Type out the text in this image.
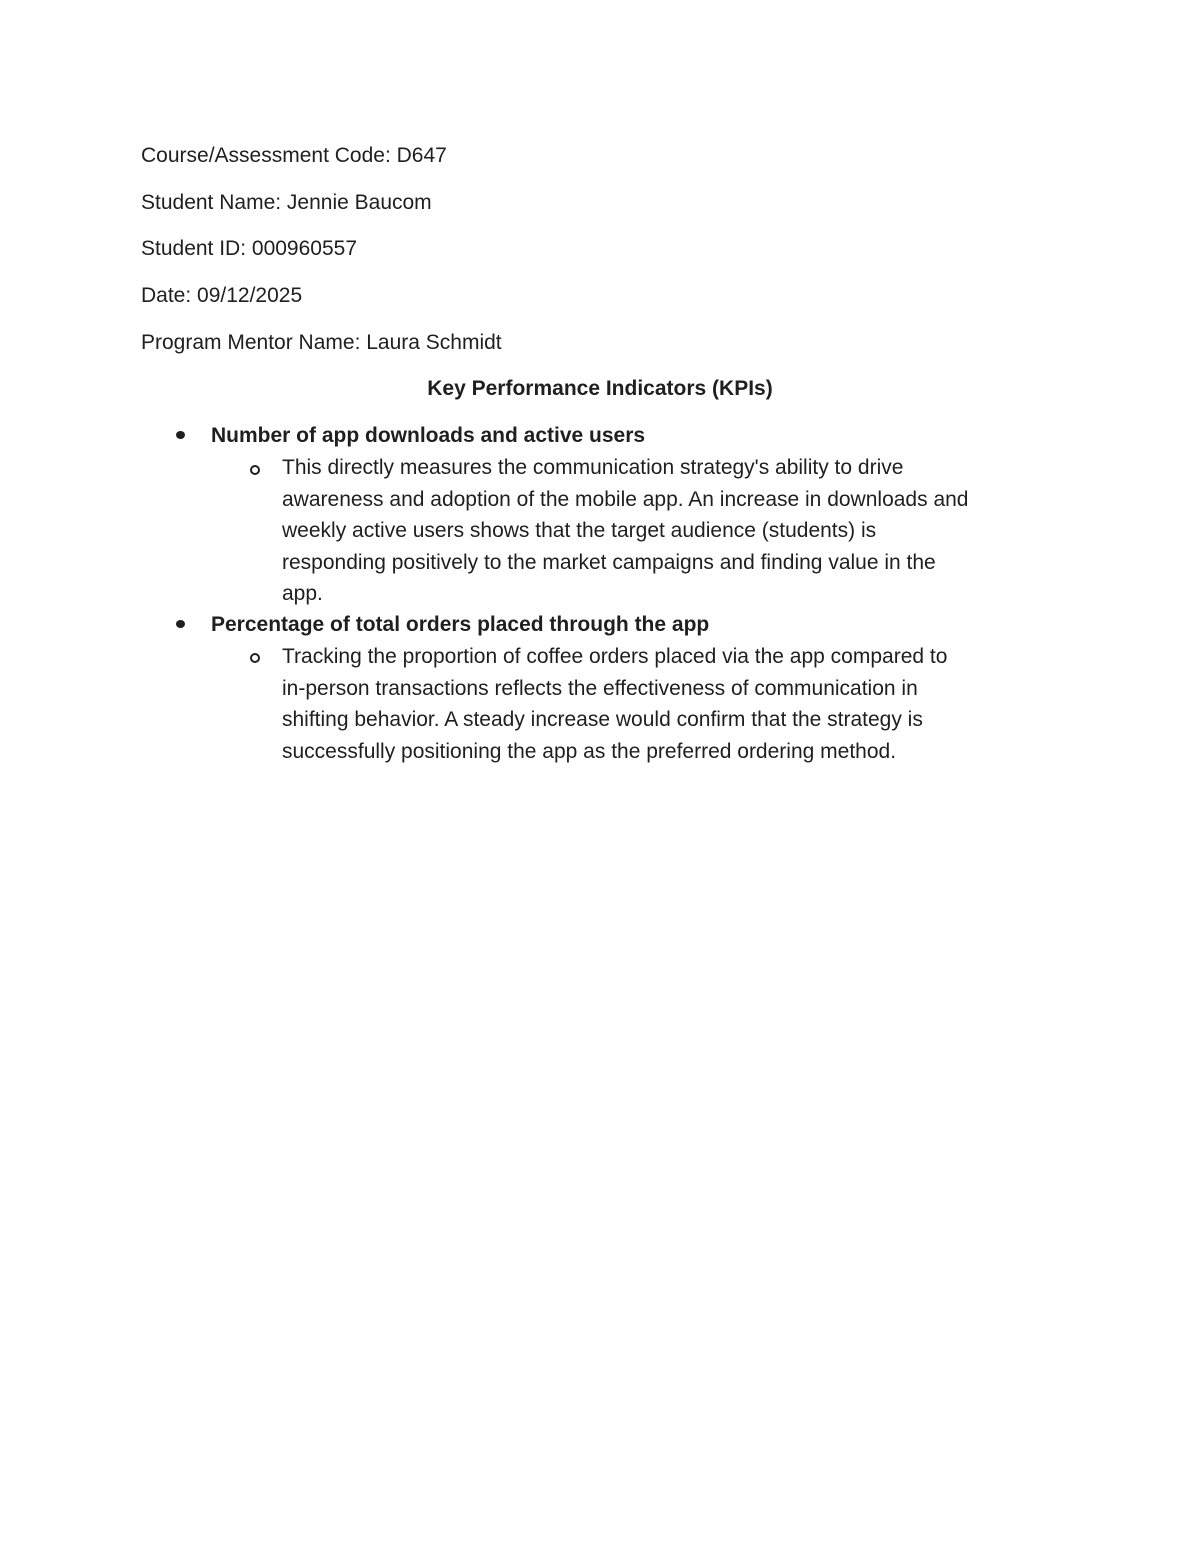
Course/Assessment Code: D647
Student Name: Jennie Baucom
Student ID: 000960557
Date: 09/12/2025
Program Mentor Name: Laura Schmidt
Key Performance Indicators (KPIs)
Number of app downloads and active users
This directly measures the communication strategy's ability to drive
awareness and adoption of the mobile app. An increase in downloads and
weekly active users shows that the target audience (students) is
responding positively to the market campaigns and finding value in the
app.
Percentage of total orders placed through the app
Tracking the proportion of coffee orders placed via the app compared to
in-person transactions reflects the effectiveness of communication in
shifting behavior. A steady increase would confirm that the strategy is
successfully positioning the app as the preferred ordering method.
